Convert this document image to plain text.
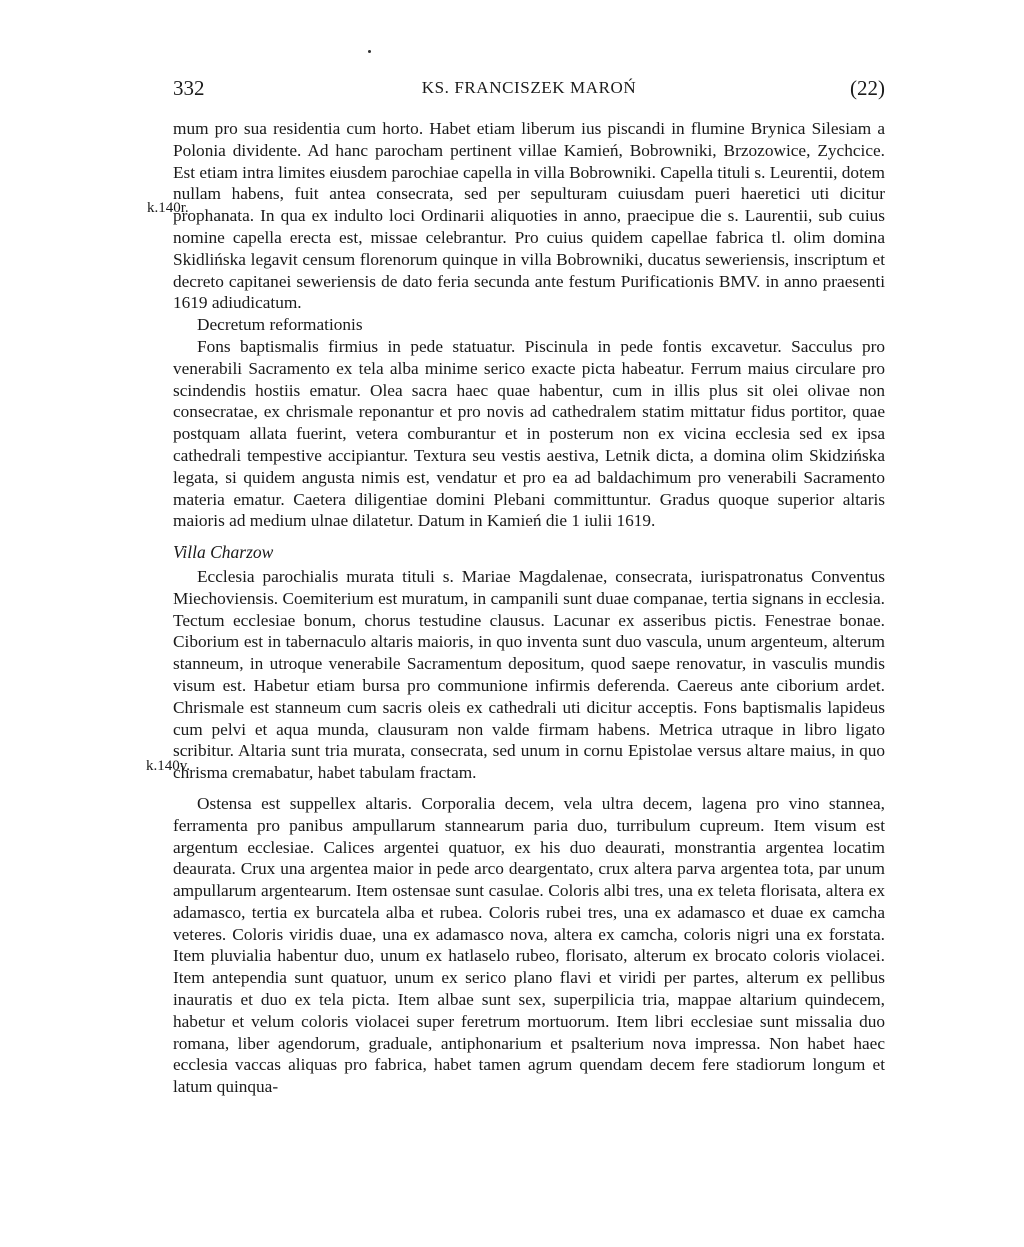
332	KS. FRANCISZEK MAROŃ	(22)
k.140r.
k.140v.

mum pro sua residentia cum horto. Habet etiam liberum ius piscandi in flumine Brynica Silesiam a Polonia dividente. Ad hanc parocham pertinent villae Kamień, Bobrowniki, Brzozowice, Zychcice. Est etiam intra limites eiusdem parochiae capella in villa Bobrowniki. Capella tituli s. Leurentii, dotem nullam habens, fuit antea consecrata, sed per sepulturam cuiusdam pueri haeretici uti dicitur prophanata. In qua ex indulto loci Ordinarii aliquoties in anno, praecipue die s. Laurentii, sub cuius nomine capella erecta est, missae celebrantur. Pro cuius quidem capellae fabrica tl. olim domina Skidlińska legavit censum florenorum quinque in villa Bobrowniki, ducatus seweriensis, inscriptum et decreto capitanei seweriensis de dato feria secunda ante festum Purificationis BMV. in anno praesenti 1619 adiudicatum.

Decretum reformationis

Fons baptismalis firmius in pede statuatur. Piscinula in pede fontis excavetur. Sacculus pro venerabili Sacramento ex tela alba minime serico exacte picta habeatur. Ferrum maius circulare pro scindendis hostiis ematur. Olea sacra haec quae habentur, cum in illis plus sit olei olivae non consecratae, ex chrismale reponantur et pro novis ad cathedralem statim mittatur fidus portitor, quae postquam allata fuerint, vetera comburantur et in posterum non ex vicina ecclesia sed ex ipsa cathedrali tempestive accipiantur. Textura seu vestis aestiva, Letnik dicta, a domina olim Skidzińska legata, si quidem angusta nimis est, vendatur et pro ea ad baldachimum pro venerabili Sacramento materia ematur. Caetera diligentiae domini Plebani committuntur. Gradus quoque superior altaris maioris ad medium ulnae dilatetur. Datum in Kamień die 1 iulii 1619.

Villa Charzow

Ecclesia parochialis murata tituli s. Mariae Magdalenae, consecrata, iurispatronatus Conventus Miechoviensis. Coemiterium est muratum, in campanili sunt duae companae, tertia signans in ecclesia. Tectum ecclesiae bonum, chorus testudine clausus. Lacunar ex asseribus pictis. Fenestrae bonae. Ciborium est in tabernaculo altaris maioris, in quo inventa sunt duo vascula, unum argenteum, alterum stanneum, in utroque venerabile Sacramentum depositum, quod saepe renovatur, in vasculis mundis visum est. Habetur etiam bursa pro communione infirmis deferenda. Caereus ante ciborium ardet. Chrismale est stanneum cum sacris oleis ex cathedrali uti dicitur acceptis. Fons baptismalis lapideus cum pelvi et aqua munda, clausuram non valde firmam habens. Metrica utraque in libro ligato scribitur. Altaria sunt tria murata, consecrata, sed unum in cornu Epistolae versus altare maius, in quo chrisma cremabatur, habet tabulam fractam.

Ostensa est suppellex altaris. Corporalia decem, vela ultra decem, lagena pro vino stannea, ferramenta pro panibus ampullarum stannearum paria duo, turribulum cupreum. Item visum est argentum ecclesiae. Calices argentei quatuor, ex his duo deaurati, monstrantia argentea locatim deaurata. Crux una argentea maior in pede arco deargentato, crux altera parva argentea tota, par unum ampullarum argentearum. Item ostensae sunt casulae. Coloris albi tres, una ex teleta florisata, altera ex adamasco, tertia ex burcatela alba et rubea. Coloris rubei tres, una ex adamasco et duae ex camcha veteres. Coloris viridis duae, una ex adamasco nova, altera ex camcha, coloris nigri una ex forstata. Item pluvialia habentur duo, unum ex hatlaselo rubeo, florisato, alterum ex brocato coloris violacei. Item antependia sunt quatuor, unum ex serico plano flavi et viridi per partes, alterum ex pellibus inauratis et duo ex tela picta. Item albae sunt sex, superpilicia tria, mappae altarium quindecem, habetur et velum coloris violacei super feretrum mortuorum. Item libri ecclesiae sunt missalia duo romana, liber agendorum, graduale, antiphonarium et psalterium nova impressa. Non habet haec ecclesia vaccas aliquas pro fabrica, habet tamen agrum quendam decem fere stadiorum longum et latum quinqua-
